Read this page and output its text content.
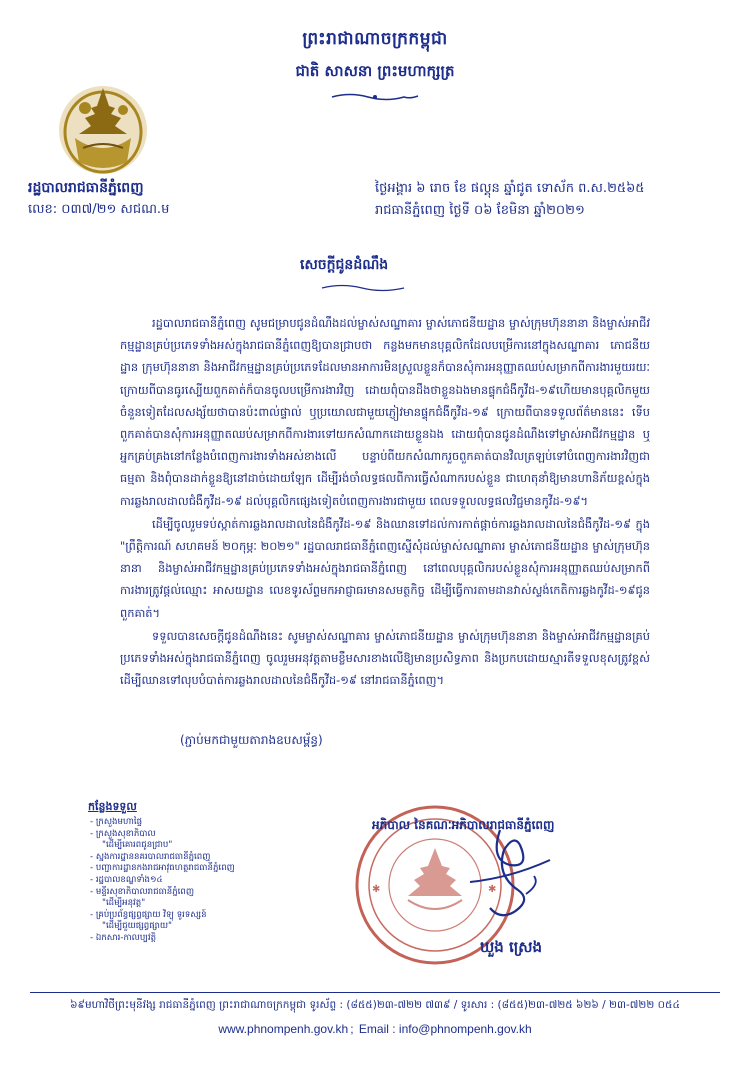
ព្រះរាជាណាចក្រកម្ពុជា
ជាតិ សាសនា ព្រះមហាក្សត្រ
រដ្ឋបាលរាជធានីភ្នំពេញ
លេខ: ០៣៧/២១ សជណ.ម
ថ្ងៃអង្គារ ៦ រោច ខែ ផល្គុន ឆ្នាំជូត ទោស័ក ព.ស.២៥៦៥
រាជធានីភ្នំពេញ ថ្ងៃទី ០៦ ខែមិនា ឆ្នាំ២០២១
សេចក្តីជូនដំណឹង

រដ្ឋបាលរាជធានីភ្នំពេញ សូមជម្រាបជូនដំណឹងដល់ម្ចាស់សណ្ឋាគារ ម្ចាស់ភោជនីយដ្ឋាន ម្ចាស់ក្រុមហ៊ុននានា និងម្ចាស់អាជីវកម្មដ្ឋានគ្រប់ប្រភេទទាំងអស់ក្នុងរាជធានីភ្នំពេញឱ្យបានជ្រាបថា កន្លងមកមានបុគ្គលិកដែលបម្រើការនៅក្នុងសណ្ឋាគារ ភោជនីយដ្ឋាន ក្រុមហ៊ុននានា និងអាជីវកម្មដ្ឋានគ្រប់ប្រភេទដែលមានអាការមិនស្រួលខ្លួនក៏បានសុំការអនុញ្ញាតឈប់សម្រាកពីការងារមួយរយៈ ក្រោយពីបានធូរស្បើយពួកគាត់ក៏បានចូលបម្រើការងារវិញ ដោយពុំបានដឹងថាខ្លួនឯងមានផ្ទុកជំងឺកូវីដ-១៩ហើយមានបុគ្គលិកមួយចំនួនទៀតដែលសង្ស័យថាបានប៉ះពាល់ផ្ទាល់ ឬប្រយោលជាមួយភ្ញៀវមានផ្ទុកជំងឺកូវីដ-១៩ ក្រោយពីបានទទួលព័ត៌មាននេះ ទើបពួកគាត់បានសុំការអនុញ្ញាតឈប់សម្រាកពីការងារទៅយកសំណាកដោយខ្លួនឯង ដោយពុំបានជូនដំណឹងទៅម្ចាស់អាជីវកម្មដ្ឋាន ឬអ្នកគ្រប់គ្រងនៅកន្លែងបំពេញការងារទាំងអស់ខាងលើ បន្ទាប់ពីយកសំណាករួចពួកគាត់បានវិលត្រឡប់ទៅបំពេញការងារវិញជាធម្មតា និងពុំបានដាក់ខ្លួនឱ្យនៅដាច់ដោយឡែក ដើម្បីរង់ចាំលទ្ធផលពីការធ្វើសំណាករបស់ខ្លួន ជាហេតុនាំឱ្យមានហានិភ័យខ្ពស់ក្នុងការឆ្លងរាលដាលជំងឺកូវីដ-១៩ ដល់បុគ្គលិកផ្សេងទៀតបំពេញការងារជាមួយ ពេលទទួលលទ្ធផលវិជ្ជមានកូវីដ-១៩។

ដើម្បីចូលរួមទប់ស្កាត់ការឆ្លងរាលដាលនៃជំងឺកូវីដ-១៩ និងឈានទៅដល់ការកាត់ផ្តាច់ការឆ្លងរាលដាលនៃជំងឺកូវីដ-១៩ ក្នុង "ព្រឹត្តិការណ៍ សហគមន៍ ២០កុម្ភៈ ២០២១" រដ្ឋបាលរាជធានីភ្នំពេញស្នើសុំដល់ម្ចាស់សណ្ឋាគារ ម្ចាស់ភោជនីយដ្ឋាន ម្ចាស់ក្រុមហ៊ុននានា និងម្ចាស់អាជីវកម្មដ្ឋានគ្រប់ប្រភេទទាំងអស់ក្នុងរាជធានីភ្នំពេញ នៅពេលបុគ្គលិករបស់ខ្លួនសុំការអនុញ្ញាតឈប់សម្រាកពីការងារត្រូវផ្តល់ឈ្មោះ អាសយដ្ឋាន លេខទូរស័ព្ទមកអាជ្ញាធរមានសមត្ថកិច្ច ដើម្បីធ្វើការតាមដានវាស់ស្ទង់កេតិការឆ្លងកូវីដ-១៩ជូនពួកគាត់។

ទទួលបានសេចក្តីជូនដំណឹងនេះ សូមម្ចាស់សណ្ឋាគារ ម្ចាស់ភោជនីយដ្ឋាន ម្ចាស់ក្រុមហ៊ុននានា និងម្ចាស់អាជីវកម្មដ្ឋានគ្រប់ប្រភេទទាំងអស់ក្នុងរាជធានីភ្នំពេញ ចូលរួមអនុវត្តតាមខ្លឹមសារខាងលើឱ្យមានប្រសិទ្ធភាព និងប្រកបដោយស្មារតីទទួលខុសត្រូវខ្ពស់ ដើម្បីឈានទៅលុបបំបាត់ការឆ្លងរាលដាលនៃជំងឺកូវីដ-១៩ នៅរាជធានីភ្នំពេញ។

(ភ្ជាប់មកជាមួយតារាងឧបសម្ព័ន្ធ)
កន្លែងទទួល
- ក្រសួងមហាផ្ទៃ
- ក្រសួងសុខាភិបាល
"ដើម្បីគោរពជូនជ្រាប"
- ស្នងការដ្ឋាននគរបាលរាជធានីភ្នំពេញ
- បញ្ជាការដ្ឋានកងរាជអាវុធហត្ថរាជធានីភ្នំពេញ
- រដ្ឋបាលខណ្ឌទាំង១៤
- មន្ទីរសុខាភិបាលរាជធានីភ្នំពេញ
"ដើម្បីអនុវត្ត"
- គ្រប់ប្រព័ន្ធផ្សព្វផ្សាយ វិទ្យុ ទូរទស្សន៍
"ដើម្បីជួយផ្សព្វផ្សាយ"
- ឯកសារ-កាលប្បវត្តិ
✱	✱
អភិបាល នៃគណៈអភិបាលរាជធានីភ្នំពេញ
ឃួង ស្រេង
៦៩មហាវិថីព្រះមុនីវង្ស រាជធានីភ្នំពេញ ព្រះរាជាណាចក្រកម្ពុជា ទូរស័ព្ទ : (៨៥៥)២៣-៧២២ ៧៣៩ / ទូរសារ : (៨៥៥)២៣-៧២៥ ៦២៦ / ២៣-៧២២ ០៥៤
www.phnompenh.gov.kh ; Email : info@phnompenh.gov.kh
